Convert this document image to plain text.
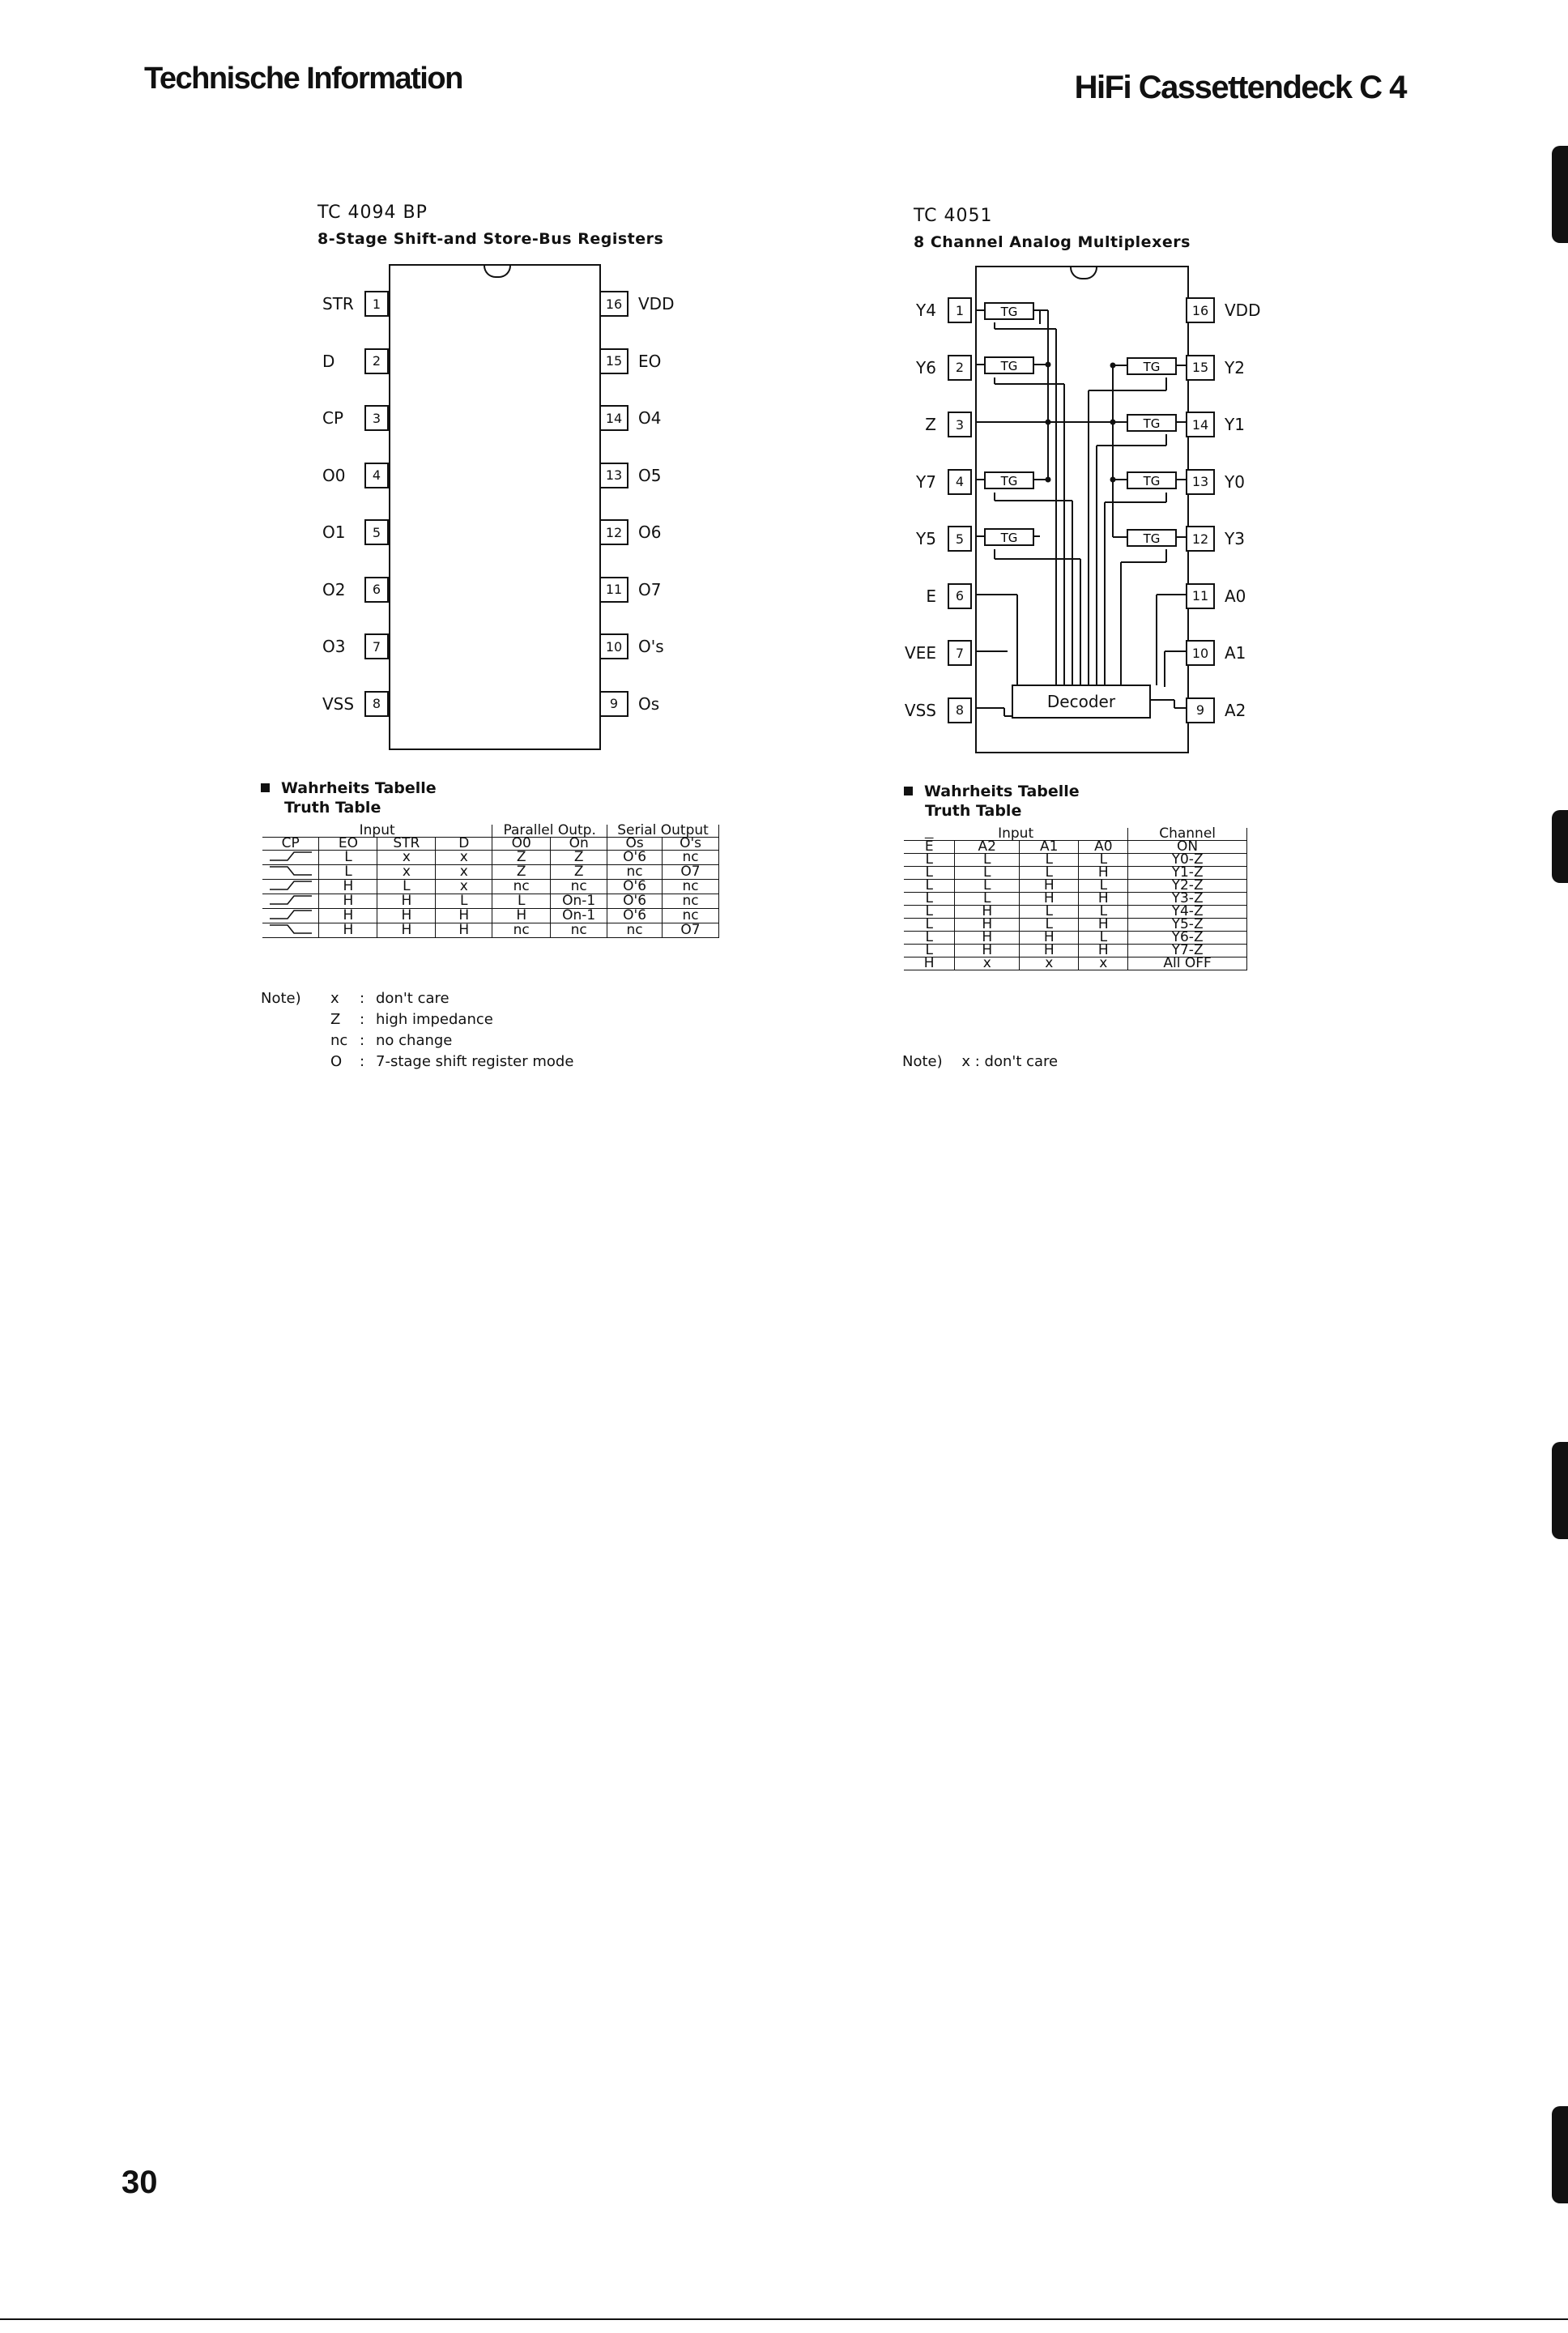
Technische Information	HiFi Cassettendeck C 4
TC 4094 BP
8-Stage Shift-and Store-Bus Registers
1
STR
2
D
3
CP
4
O0
5
O1
6
O2
7
O3
8
VSS
16 VDD
15 EO
14 O4
13 O5
12 O6
11 O7
10 O's
9	Os
TC 4051
8 Channel Analog Multiplexers
Decoder
TG
TG
TG
TG
TG
TG
TG
TG
1
Y4
2
Y6
3
Z
4
Y7
5
Y5
6
E
7
VEE
8
VSS
16 VDD
15 Y2
14 Y1
13 Y0
12 Y3
11 A0
10 A1
9	A2
Wahrheits Tabelle
Truth Table
Input				Parallel Outp.		Serial Output	
CP	EO	STR	D	O0	On	Os	O's
	L	x	x	Z	Z	O'6	nc
	L	x	x	Z	Z	nc	O7
	H	L	x	nc	nc	O'6	nc
	H	H	L	L	On-1	O'6	nc
	H	H	H	H	On-1	O'6	nc
	H	H	H	nc	nc	nc	O7
Note) x : don't care
Z : high impedance
nc : no change
O : 7-stage shift register mode
Wahrheits Tabelle
Truth Table
Input				Channel
$\overline{E}$	A2	A1	A0	ON
L	L	L	L	Y0-Z
L	L	L	H	Y1-Z
L	L	H	L	Y2-Z
L	L	H	H	Y3-Z
L	H	L	L	Y4-Z
L	H	L	H	Y5-Z
L	H	H	L	Y6-Z
L	H	H	H	Y7-Z
H	x	x	x	All OFF
Note) x : don't care
30
